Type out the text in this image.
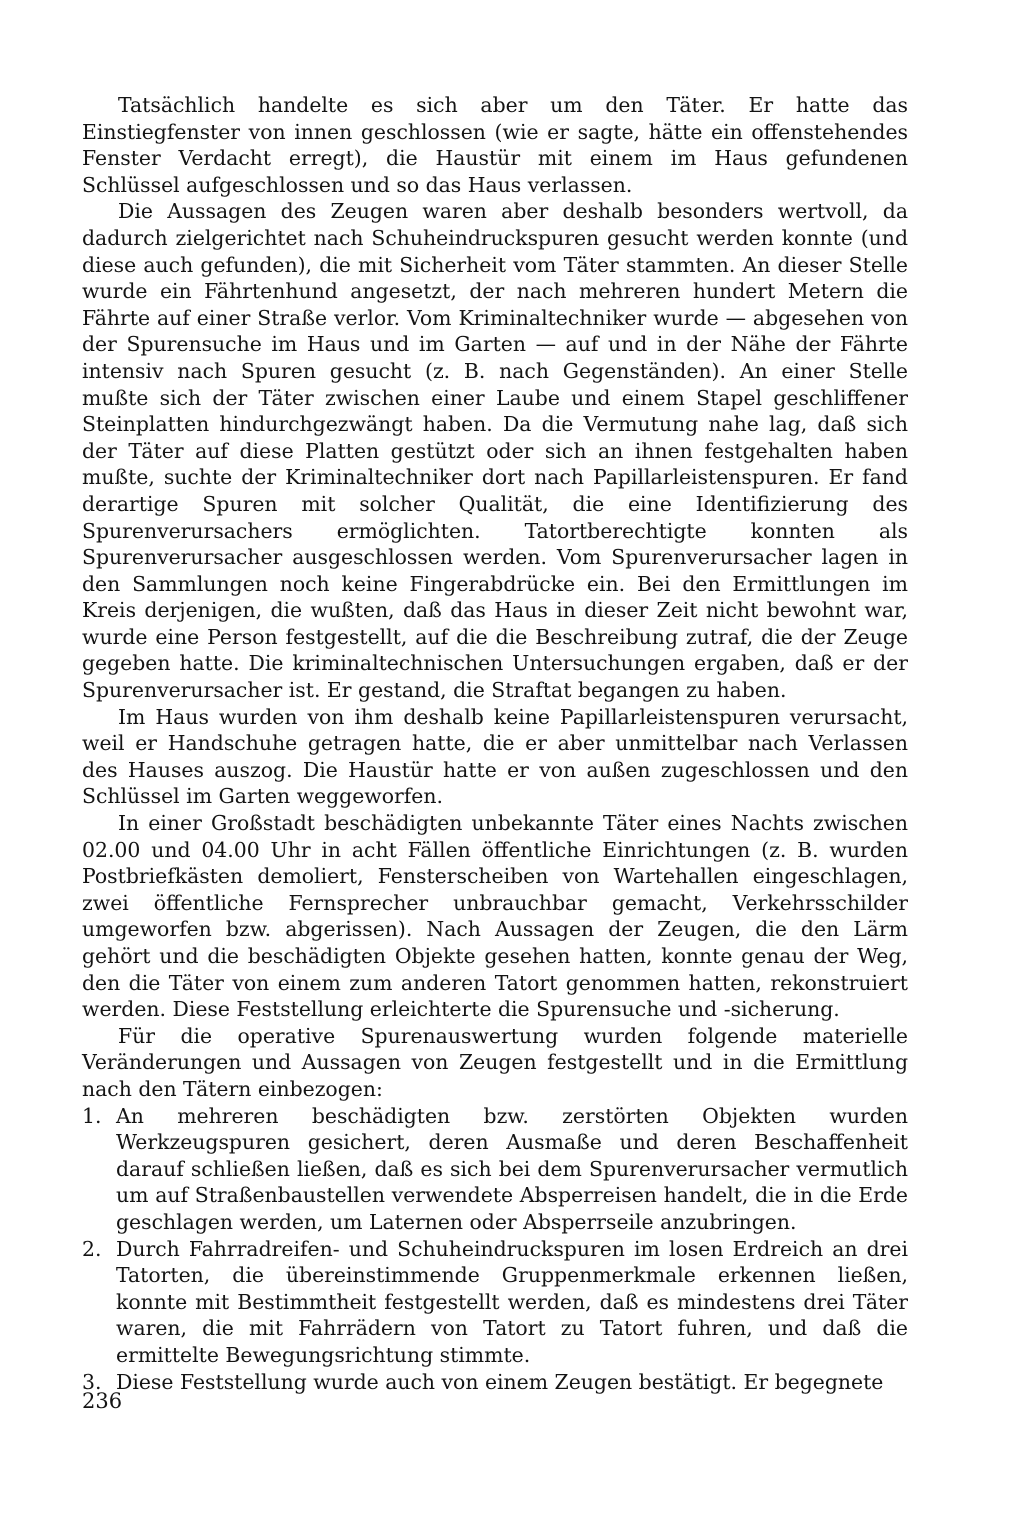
Tatsächlich handelte es sich aber um den Täter. Er hatte das Einstiegfenster von innen geschlossen (wie er sagte, hätte ein offenstehendes Fenster Verdacht erregt), die Haustür mit einem im Haus gefundenen Schlüssel aufgeschlossen und so das Haus verlassen.

Die Aussagen des Zeugen waren aber deshalb besonders wertvoll, da dadurch zielgerichtet nach Schuheindruckspuren gesucht werden konnte (und diese auch gefunden), die mit Sicherheit vom Täter stammten. An dieser Stelle wurde ein Fährtenhund angesetzt, der nach mehreren hundert Metern die Fährte auf einer Straße verlor. Vom Kriminaltechniker wurde — abgesehen von der Spurensuche im Haus und im Garten — auf und in der Nähe der Fährte intensiv nach Spuren gesucht (z. B. nach Gegenständen). An einer Stelle mußte sich der Täter zwischen einer Laube und einem Stapel geschliffener Steinplatten hindurchgezwängt haben. Da die Vermutung nahe lag, daß sich der Täter auf diese Platten gestützt oder sich an ihnen festgehalten haben mußte, suchte der Kriminaltechniker dort nach Papillarleistenspuren. Er fand derartige Spuren mit solcher Qualität, die eine Identifizierung des Spurenverursachers ermöglichten. Tatortberechtigte konnten als Spurenverursacher ausgeschlossen werden. Vom Spurenverursacher lagen in den Sammlungen noch keine Fingerabdrücke ein. Bei den Ermittlungen im Kreis derjenigen, die wußten, daß das Haus in dieser Zeit nicht bewohnt war, wurde eine Person festgestellt, auf die die Beschreibung zutraf, die der Zeuge gegeben hatte. Die kriminaltechnischen Untersuchungen ergaben, daß er der Spurenverursacher ist. Er gestand, die Straftat begangen zu haben.

Im Haus wurden von ihm deshalb keine Papillarleistenspuren verursacht, weil er Handschuhe getragen hatte, die er aber unmittelbar nach Verlassen des Hauses auszog. Die Haustür hatte er von außen zugeschlossen und den Schlüssel im Garten weggeworfen.

In einer Großstadt beschädigten unbekannte Täter eines Nachts zwischen 02.00 und 04.00 Uhr in acht Fällen öffentliche Einrichtungen (z. B. wurden Postbriefkästen demoliert, Fensterscheiben von Wartehallen eingeschlagen, zwei öffentliche Fernsprecher unbrauchbar gemacht, Verkehrsschilder umgeworfen bzw. abgerissen). Nach Aussagen der Zeugen, die den Lärm gehört und die beschädigten Objekte gesehen hatten, konnte genau der Weg, den die Täter von einem zum anderen Tatort genommen hatten, rekonstruiert werden. Diese Feststellung erleichterte die Spurensuche und -sicherung.

Für die operative Spurenauswertung wurden folgende materielle Veränderungen und Aussagen von Zeugen festgestellt und in die Ermittlung nach den Tätern einbezogen:

1. An mehreren beschädigten bzw. zerstörten Objekten wurden Werkzeugspuren gesichert, deren Ausmaße und deren Beschaffenheit darauf schließen ließen, daß es sich bei dem Spurenverursacher vermutlich um auf Straßenbaustellen verwendete Absperreisen handelt, die in die Erde geschlagen werden, um Laternen oder Absperrseile anzubringen.
2. Durch Fahrradreifen- und Schuheindruckspuren im losen Erdreich an drei Tatorten, die übereinstimmende Gruppenmerkmale erkennen ließen, konnte mit Bestimmtheit festgestellt werden, daß es mindestens drei Täter waren, die mit Fahrrädern von Tatort zu Tatort fuhren, und daß die ermittelte Bewegungsrichtung stimmte.
3. Diese Feststellung wurde auch von einem Zeugen bestätigt. Er begegnete
236
